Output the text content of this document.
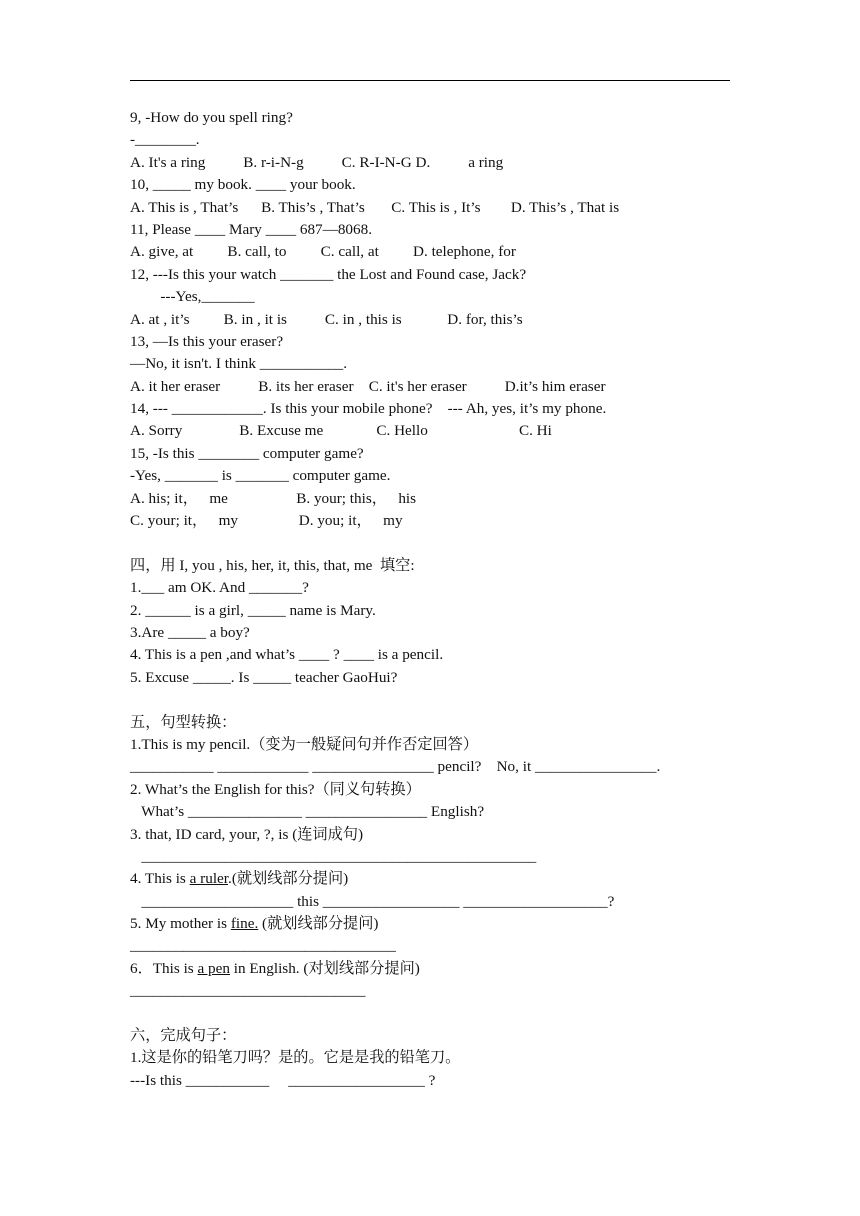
9, -How do you spell ring?
-________.
A. It's a ring          B. r-i-N-g          C. R-I-N-G D.          a ring
10, _____ my book. ____ your book.
A. This is , That’s      B. This’s , That’s       C. This is , It’s        D. This’s , That is
11, Please ____ Mary ____ 687—8068.
A. give, at         B. call, to         C. call, at         D. telephone, for
12, ---Is this your watch _______ the Lost and Found case, Jack?
---Yes,_______
A. at , it’s         B. in , it is          C. in , this is            D. for, this’s
13, —Is this your eraser?
—No, it isn't. I think ___________.
A. it her eraser          B. its her eraser    C. it's her eraser          D.it’s him eraser
14, --- ____________. Is this your mobile phone?    --- Ah, yes, it’s my phone.
A. Sorry               B. Excuse me              C. Hello                        C. Hi
15, -Is this ________ computer game?
-Yes, _______ is _______ computer game.
A. his; it，   me                  B. your; this，   his
C. your; it，   my                D. you; it，   my
四，用 I, you , his, her, it, this, that, me  填空:
1.___ am OK. And _______?
2. ______ is a girl, _____ name is Mary.
3.Are _____ a boy?
4. This is a pen ,and what’s ____ ? ____ is a pencil.
5. Excuse _____. Is _____ teacher GaoHui?
五，句型转换：
1.This is my pencil.（变为一般疑问句并作否定回答）
___________ ____________ ________________ pencil?    No, it ________________.
2. What’s the English for this?（同义句转换）
What’s _______________ ________________ English?
3. that, ID card, your, ?, is (连词成句)
____________________________________________________
4. This is a ruler.(就划线部分提问)
____________________ this __________________ ___________________?
5. My mother is fine. (就划线部分提问)
___________________________________
6．This is a pen in English. (对划线部分提问)
_______________________________
六，完成句子：
1.这是你的铅笔刀吗？是的。它是是我的铅笔刀。
---Is this ___________     __________________ ?
